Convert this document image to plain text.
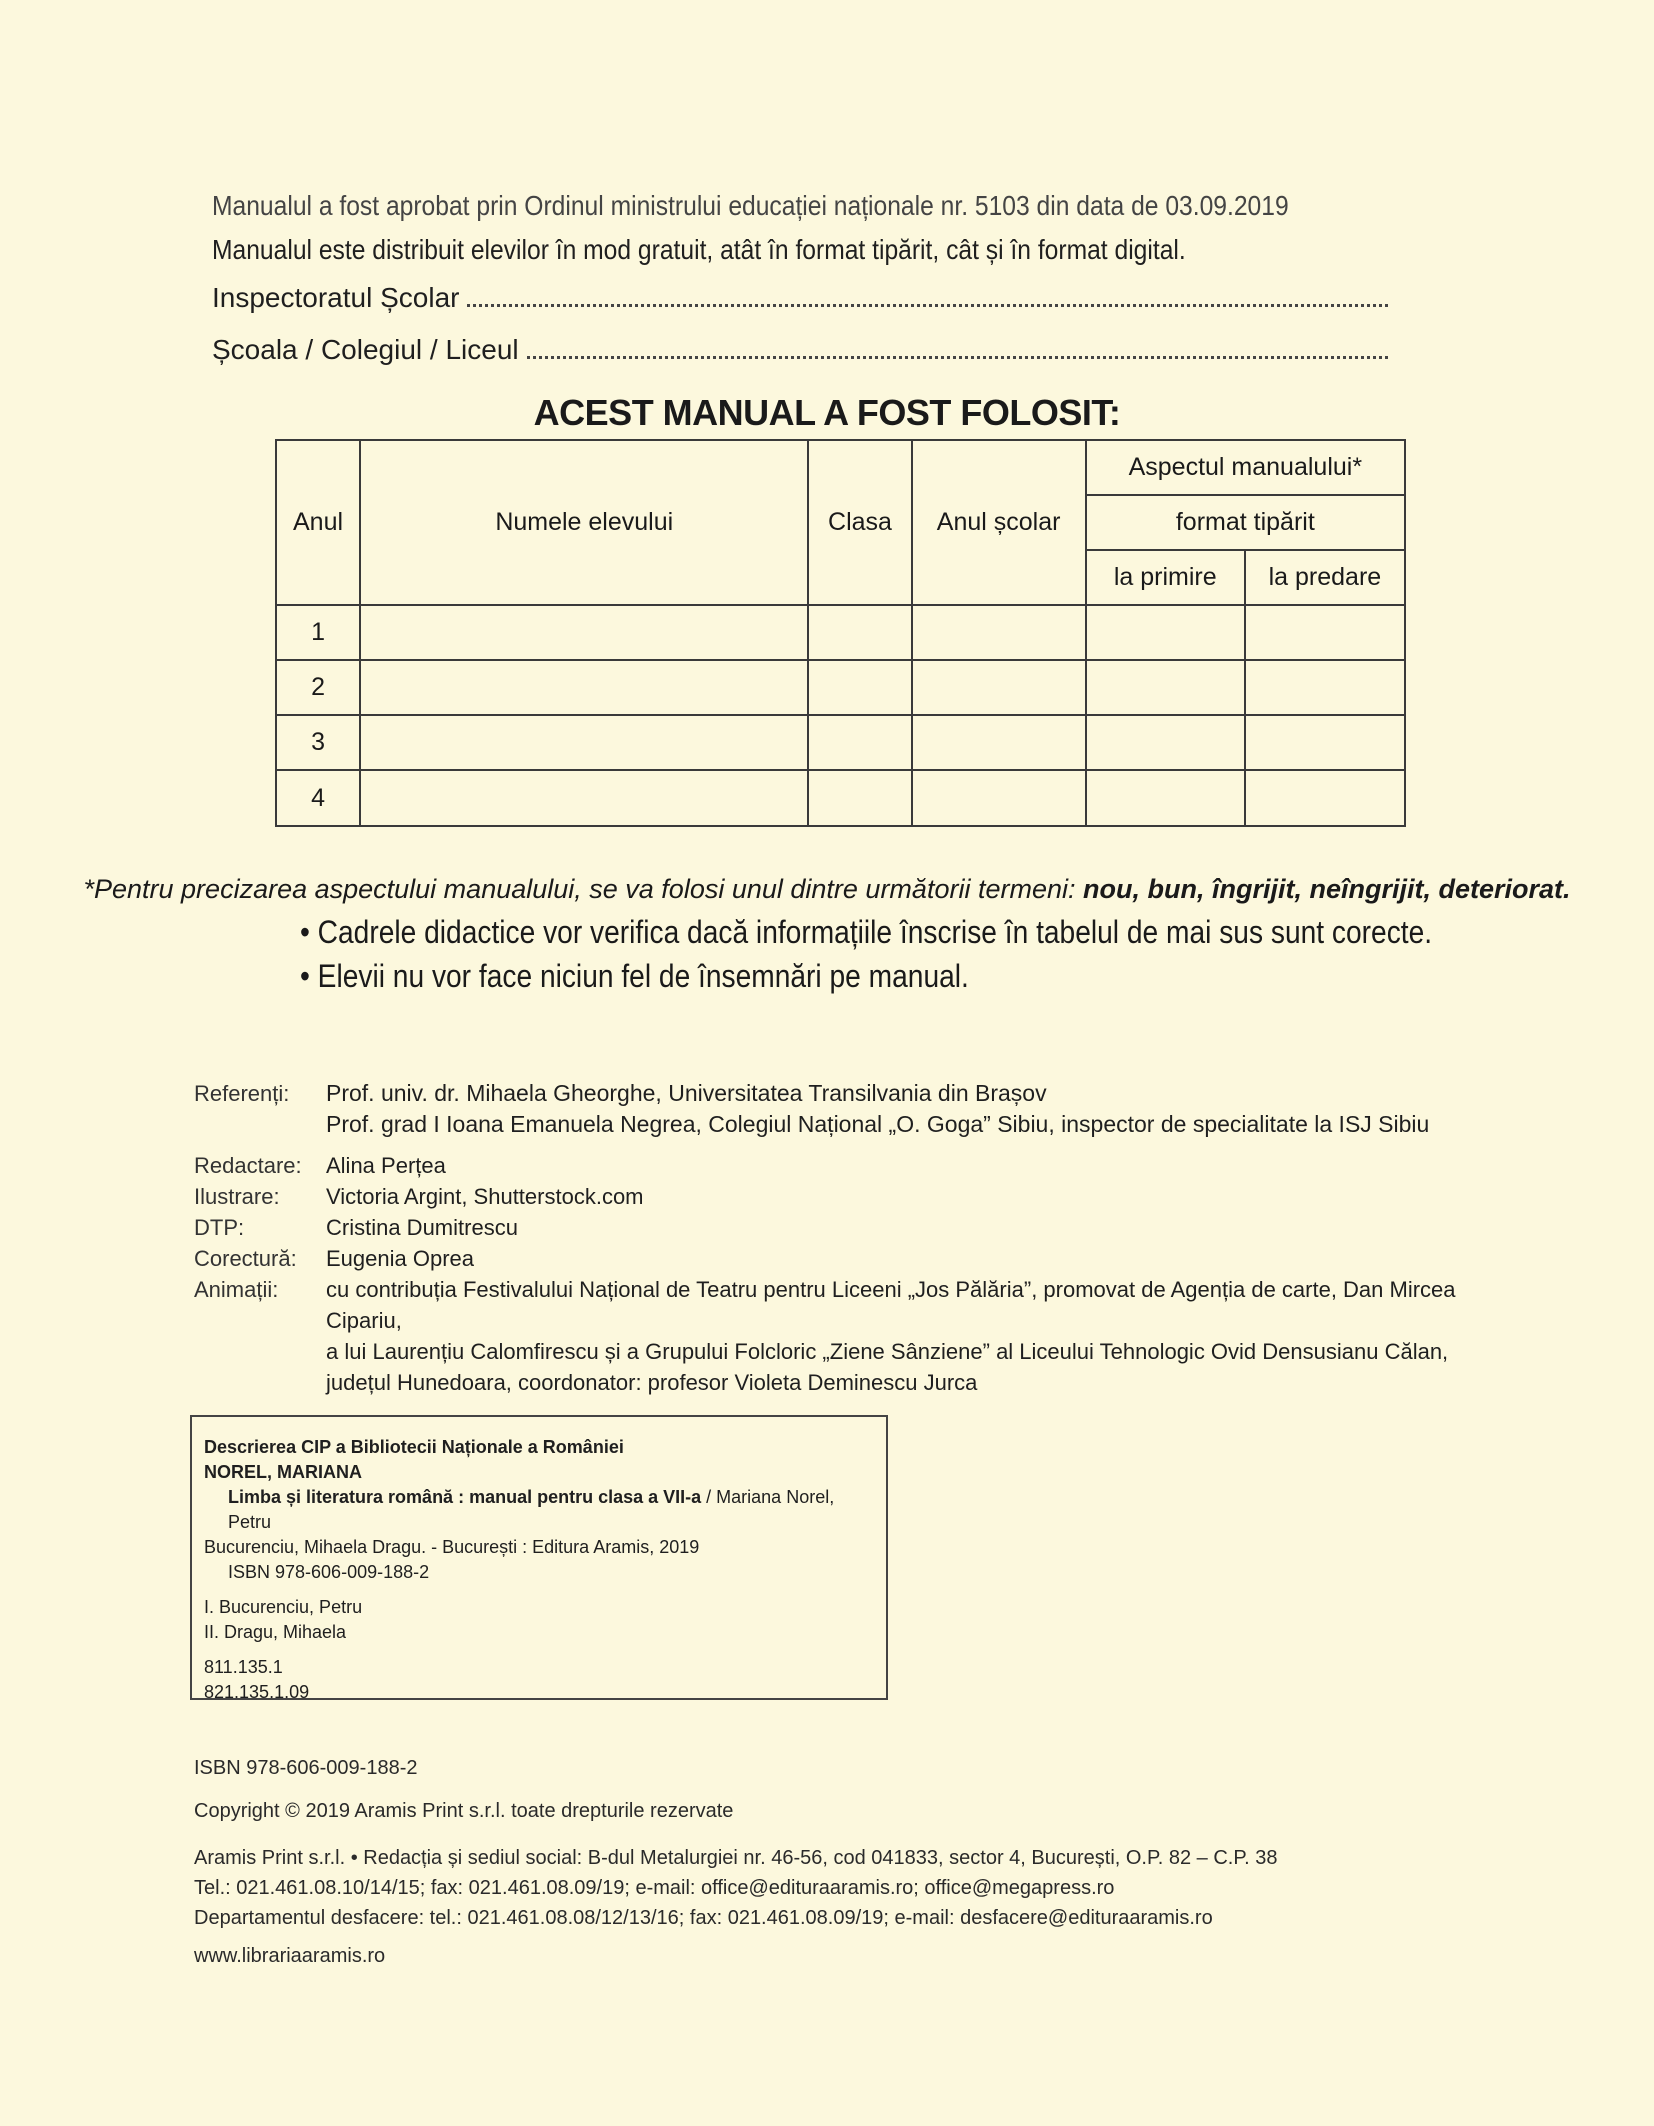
Manualul a fost aprobat prin Ordinul ministrului educației naționale nr. 5103 din data de 03.09.2019
Manualul este distribuit elevilor în mod gratuit, atât în format tipărit, cât și în format digital.
Inspectoratul Școlar
Școala / Colegiul / Liceul
ACEST MANUAL A FOST FOLOSIT:
Anul	Numele elevului	Clasa	Anul școlar	Aspectul manualului*	
				format tipărit	
				la primire	la predare
1					
2					
3					
4					
*Pentru precizarea aspectului manualului, se va folosi unul dintre următorii termeni: nou, bun, îngrijit, neîngrijit, deteriorat.
• Cadrele didactice vor verifica dacă informațiile înscrise în tabelul de mai sus sunt corecte.
• Elevii nu vor face niciun fel de însemnări pe manual.
Referenți:	Prof. univ. dr. Mihaela Gheorghe, Universitatea Transilvania din Brașov
Prof. grad I Ioana Emanuela Negrea, Colegiul Național „O. Goga” Sibiu, inspector de specialitate la ISJ Sibiu
Redactare:	Alina Perțea
Ilustrare:	Victoria Argint, Shutterstock.com
DTP:	Cristina Dumitrescu
Corectură:	Eugenia Oprea
Animații:	cu contribuția Festivalului Național de Teatru pentru Liceeni „Jos Pălăria”, promovat de Agenția de carte, Dan Mircea Cipariu,
a lui Laurențiu Calomfirescu și a Grupului Folcloric „Ziene Sânziene” al Liceului Tehnologic Ovid Densusianu Călan,
județul Hunedoara, coordonator: profesor Violeta Deminescu Jurca
Descrierea CIP a Bibliotecii Naționale a României
NOREL, MARIANA
Limba și literatura română : manual pentru clasa a VII-a / Mariana Norel, Petru
Bucurenciu, Mihaela Dragu. - București : Editura Aramis, 2019
ISBN 978-606-009-188-2
I. Bucurenciu, Petru
II. Dragu, Mihaela
811.135.1
821.135.1.09
ISBN 978-606-009-188-2
Copyright © 2019 Aramis Print s.r.l. toate drepturile rezervate
Aramis Print s.r.l. • Redacția și sediul social: B-dul Metalurgiei nr. 46-56, cod 041833, sector 4, București, O.P. 82 – C.P. 38
Tel.: 021.461.08.10/14/15; fax: 021.461.08.09/19; e-mail: office@edituraaramis.ro; office@megapress.ro
Departamentul desfacere: tel.: 021.461.08.08/12/13/16; fax: 021.461.08.09/19; e-mail: desfacere@edituraaramis.ro
www.librariaaramis.ro
